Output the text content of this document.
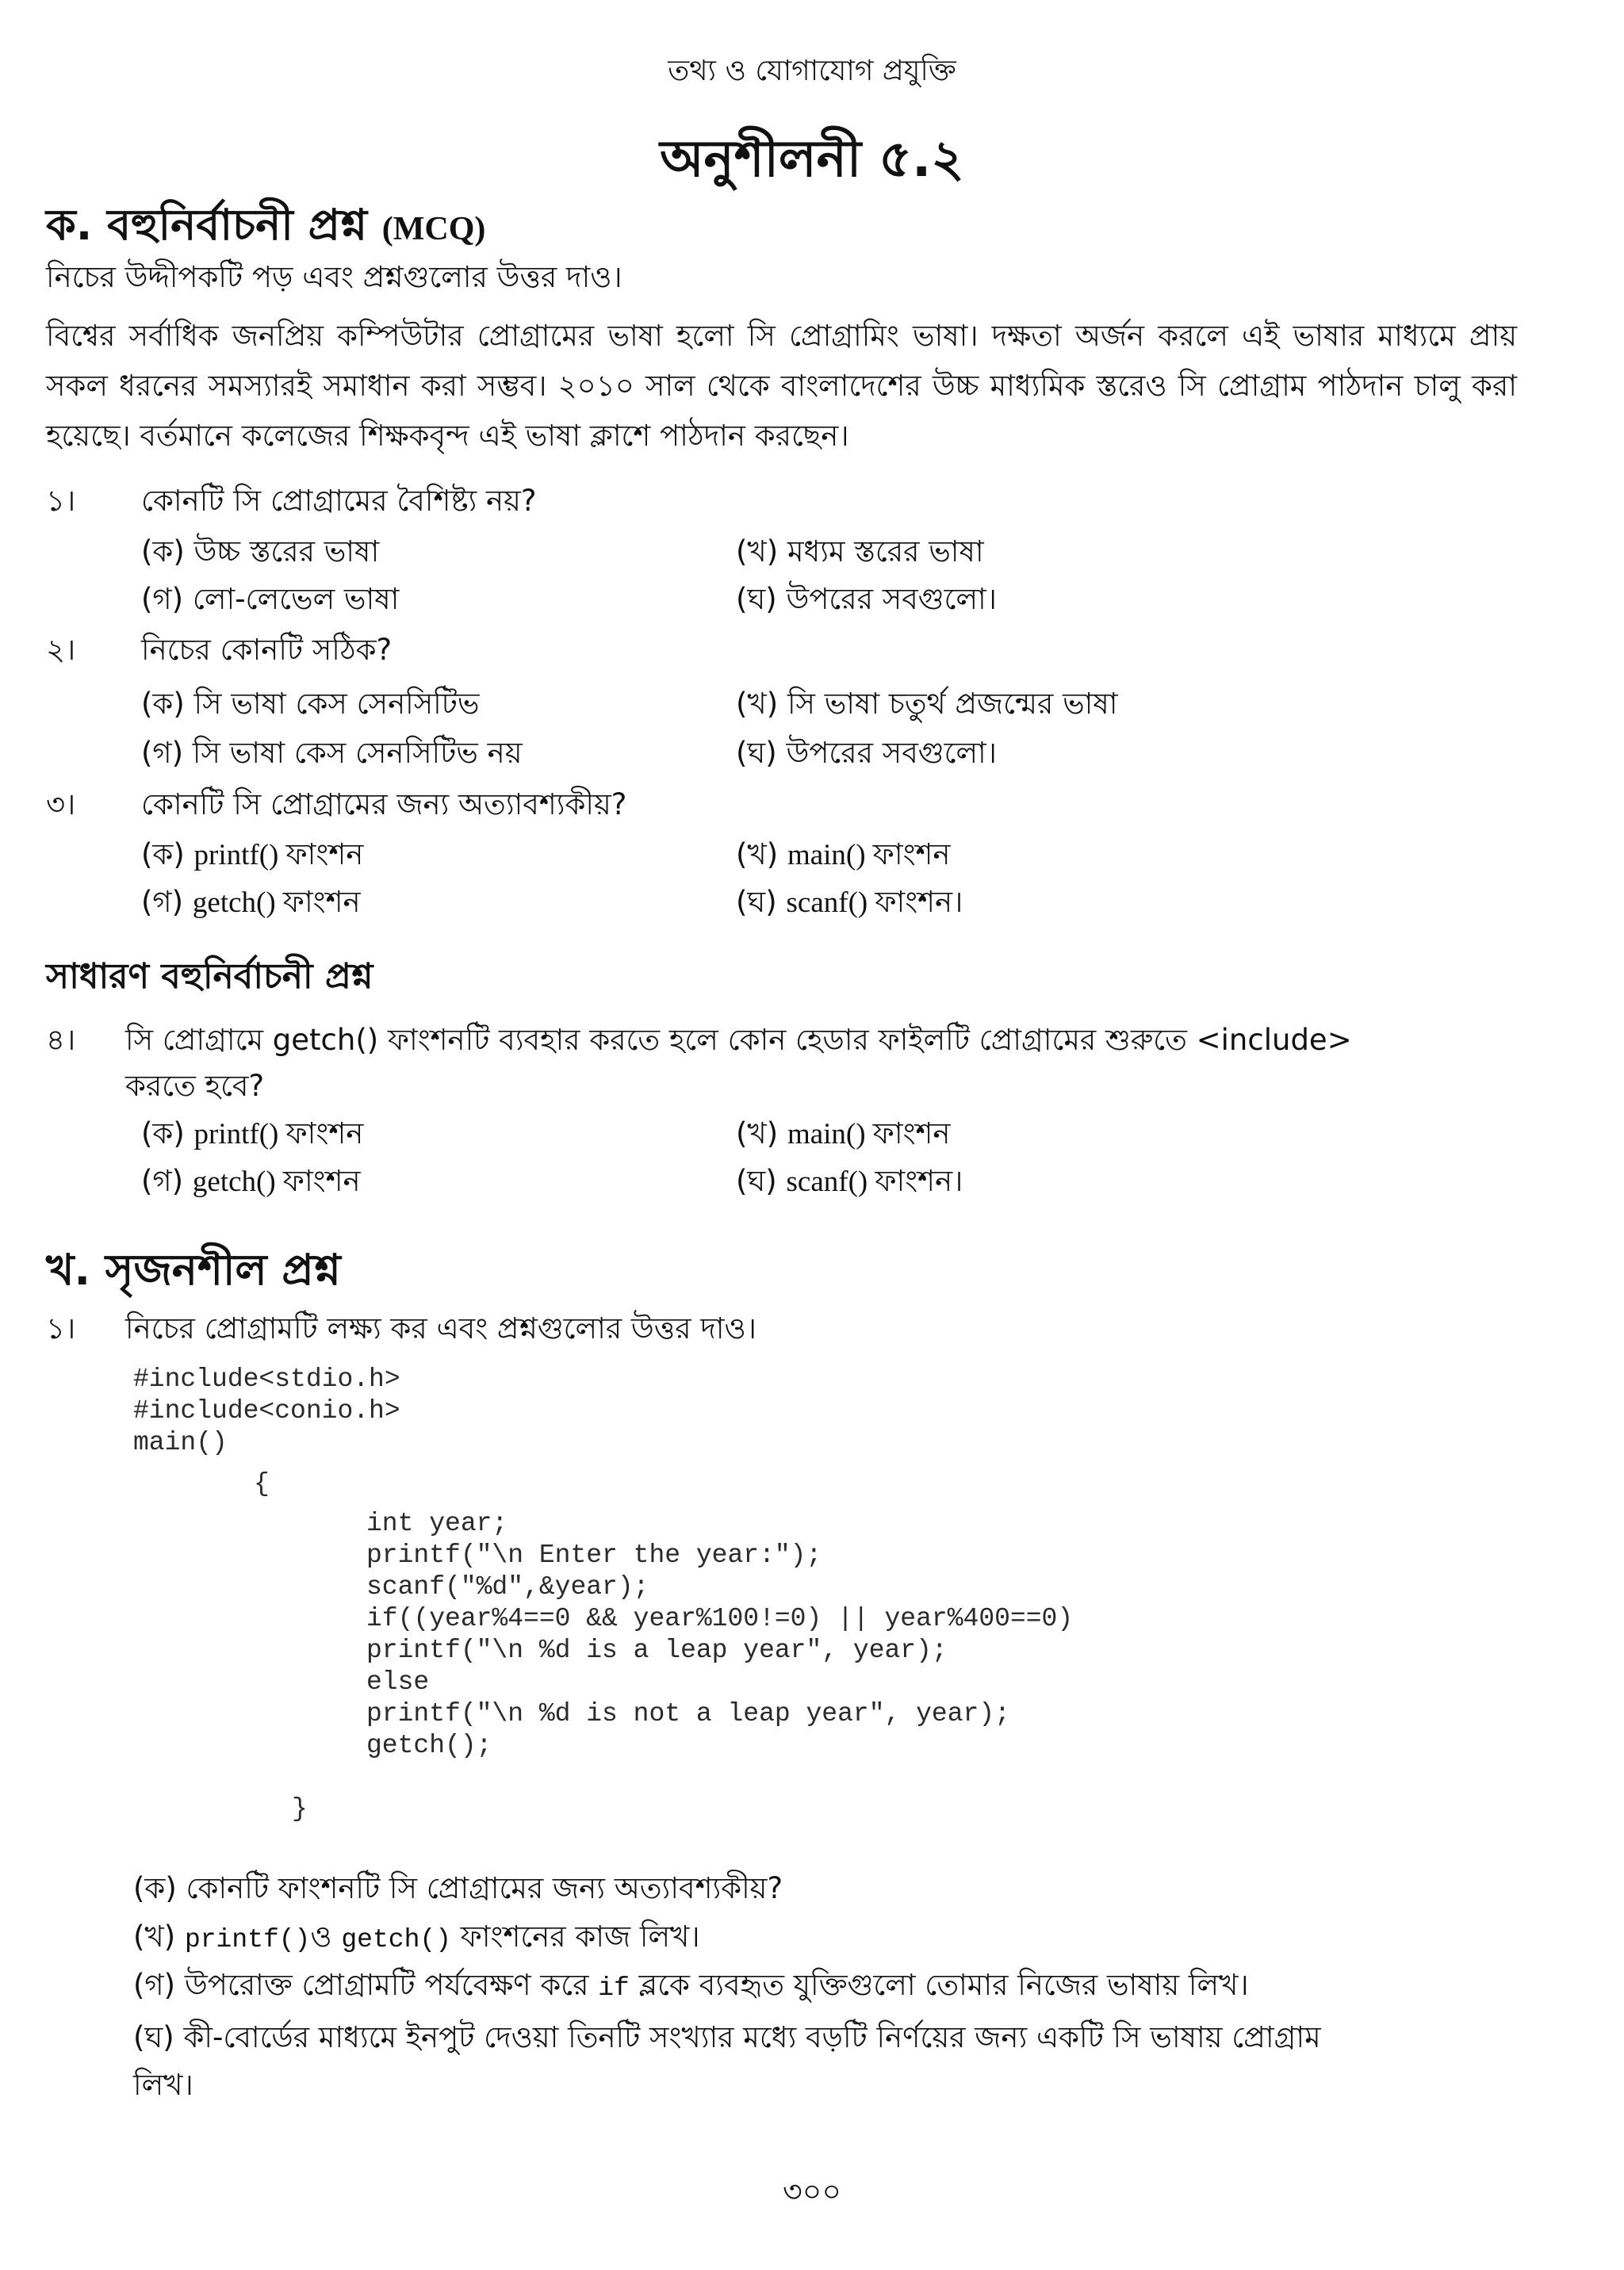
তথ্য ও যোগাযোগ প্রযুক্তি
অনুশীলনী ৫.২
ক. বহুনির্বাচনী প্রশ্ন (MCQ)
নিচের উদ্দীপকটি পড় এবং প্রশ্নগুলোর উত্তর দাও।
বিশ্বের সর্বাধিক জনপ্রিয় কম্পিউটার প্রোগ্রামের ভাষা হলো সি প্রোগ্রামিং ভাষা। দক্ষতা অর্জন করলে এই ভাষার মাধ্যমে প্রায় সকল ধরনের সমস্যারই সমাধান করা সম্ভব। ২০১০ সাল থেকে বাংলাদেশের উচ্চ মাধ্যমিক স্তরেও সি প্রোগ্রাম পাঠদান চালু করা হয়েছে। বর্তমানে কলেজের শিক্ষকবৃন্দ এই ভাষা ক্লাশে পাঠদান করছেন।
১। কোনটি সি প্রোগ্রামের বৈশিষ্ট্য নয়?
(ক) উচ্চ স্তরের ভাষা	(খ) মধ্যম স্তরের ভাষা
(গ) লো-লেভেল ভাষা	(ঘ) উপরের সবগুলো।
২। নিচের কোনটি সঠিক?
(ক) সি ভাষা কেস সেনসিটিভ	(খ) সি ভাষা চতুর্থ প্রজন্মের ভাষা
(গ) সি ভাষা কেস সেনসিটিভ নয়	(ঘ) উপরের সবগুলো।
৩। কোনটি সি প্রোগ্রামের জন্য অত্যাবশ্যকীয়?
(ক) printf() ফাংশন	(খ) main() ফাংশন
(গ) getch() ফাংশন	(ঘ) scanf() ফাংশন।
সাধারণ বহুনির্বাচনী প্রশ্ন
৪। সি প্রোগ্রামে getch() ফাংশনটি ব্যবহার করতে হলে কোন হেডার ফাইলটি প্রোগ্রামের শুরুতে <include>
করতে হবে?
(ক) printf() ফাংশন	(খ) main() ফাংশন
(গ) getch() ফাংশন	(ঘ) scanf() ফাংশন।
খ. সৃজনশীল প্রশ্ন
১। নিচের প্রোগ্রামটি লক্ষ্য কর এবং প্রশ্নগুলোর উত্তর দাও।
#include<stdio.h>
#include<conio.h>
main()
{
int year;
printf("\n Enter the year:");
scanf("%d",&year);
if((year%4==0 && year%100!=0) || year%400==0)
printf("\n %d is a leap year", year);
else
printf("\n %d is not a leap year", year);
getch();
}
(ক) কোনটি ফাংশনটি সি প্রোগ্রামের জন্য অত্যাবশ্যকীয়?
(খ) printf()ও getch() ফাংশনের কাজ লিখ।
(গ) উপরোক্ত প্রোগ্রামটি পর্যবেক্ষণ করে if ব্লকে ব্যবহৃত যুক্তিগুলো তোমার নিজের ভাষায় লিখ।
(ঘ) কী-বোর্ডের মাধ্যমে ইনপুট দেওয়া তিনটি সংখ্যার মধ্যে বড়টি নির্ণয়ের জন্য একটি সি ভাষায় প্রোগ্রাম
লিখ।
৩০০
